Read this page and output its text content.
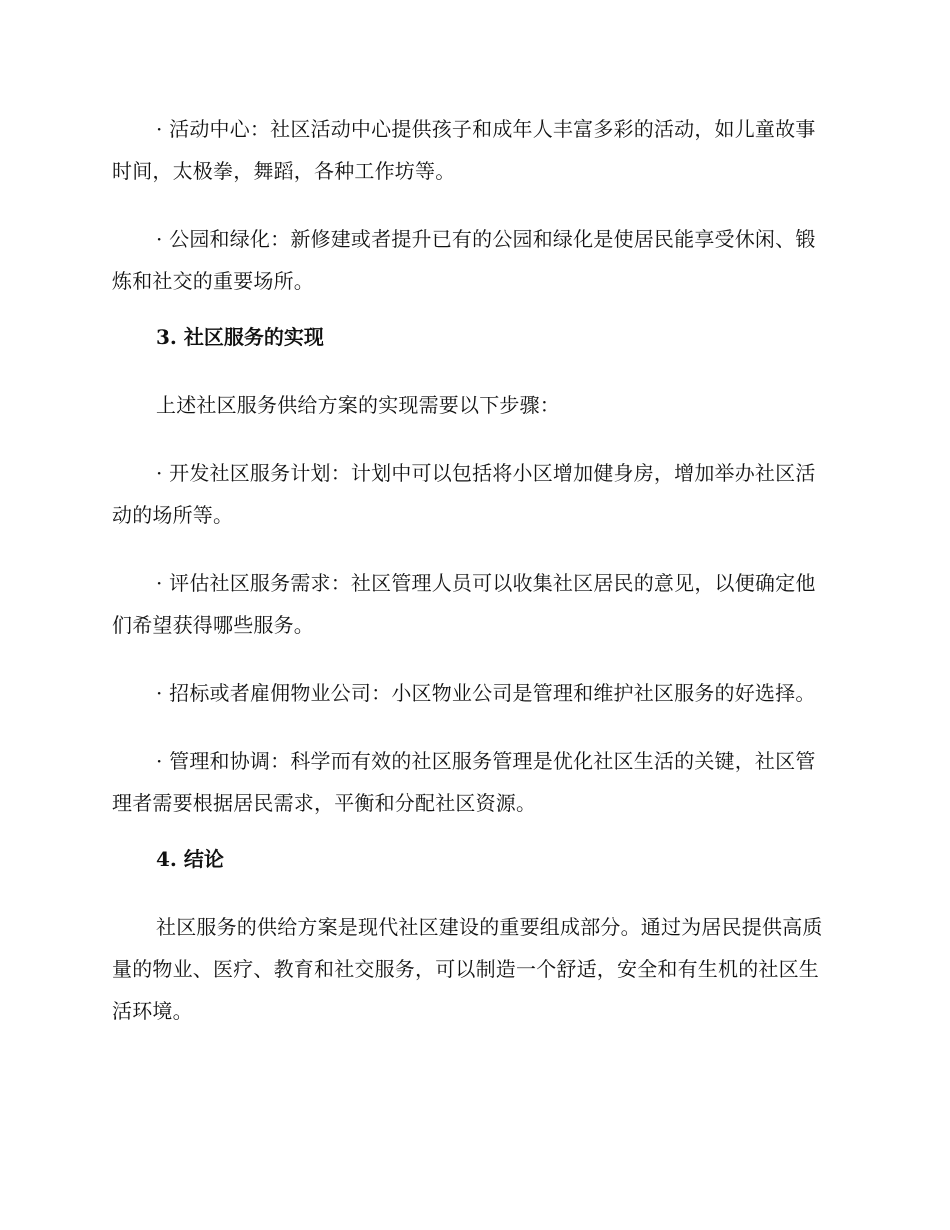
· 活动中心：社区活动中心提供孩子和成年人丰富多彩的活动，如儿童故事时间，太极拳，舞蹈，各种工作坊等。

· 公园和绿化：新修建或者提升已有的公园和绿化是使居民能享受休闲、锻炼和社交的重要场所。

3. 社区服务的实现

上述社区服务供给方案的实现需要以下步骤：

· 开发社区服务计划：计划中可以包括将小区增加健身房，增加举办社区活动的场所等。

· 评估社区服务需求：社区管理人员可以收集社区居民的意见，以便确定他们希望获得哪些服务。

· 招标或者雇佣物业公司：小区物业公司是管理和维护社区服务的好选择。

· 管理和协调：科学而有效的社区服务管理是优化社区生活的关键，社区管理者需要根据居民需求，平衡和分配社区资源。

4. 结论

社区服务的供给方案是现代社区建设的重要组成部分。通过为居民提供高质量的物业、医疗、教育和社交服务，可以制造一个舒适，安全和有生机的社区生活环境。
